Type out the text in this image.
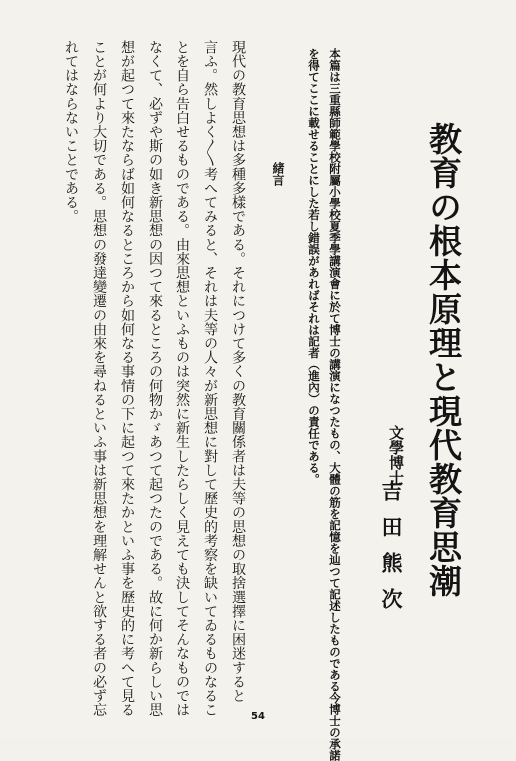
教育の根本原理と現代教育思潮
文學博士
吉田熊次
本篇は三重縣師範學校附屬小學校夏季學講演會に於て博士の講演になつたもの、大體の筋を記憶を辿つて記述したものである今博士の承諾
を得てここに載せることにした若し錯誤があればそれは記者（進內）の責任である。
緒言
現代の教育思想は多種多樣である。それにつけて多くの教育關係者は夫等の思想の取捨選擇に困迷すると
言ふ。然しよく〳〵考へてみると、それは夫等の人々が新思想に對して歷史的考察を缺いてゐるものなるこ
とを自ら告白せるものである。由來思想といふものは突然に新生したらしく見えても決してそんなものでは
なくて、必ずや斯の如き新思想の因つて來るところの何物かゞあつて起つたのである。故に何か新らしい思
想が起つて來たならば如何なるところから如何なる事情の下に起つて來たかといふ事を歷史的に考へて見る
ことが何より大切である。思想の發達變遷の由來を尋ねるといふ事は新思想を理解せんと欲する者の必ず忘
れてはならないことである。
54
